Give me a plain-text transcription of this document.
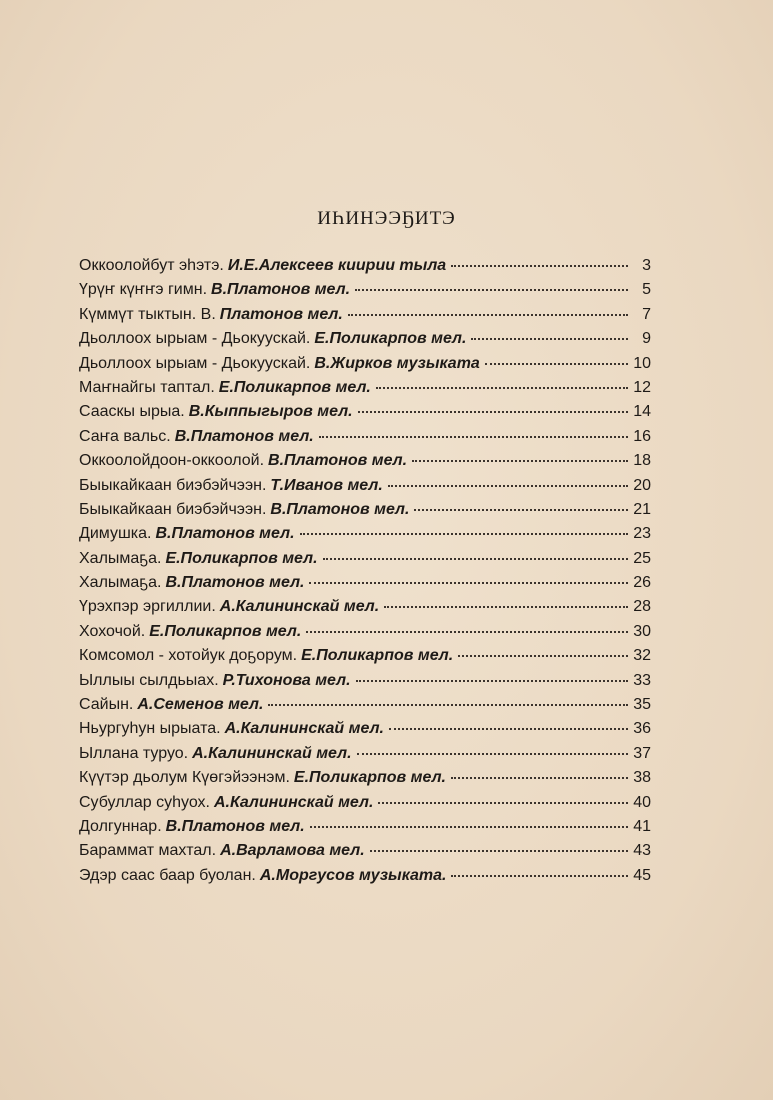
ИҺИНЭЭҔИТЭ
Оккоолойбут эһэтэ. И.Е.Алексеев киирии тыла	3
Үрүҥ күҥҥэ гимн. В.Платонов мел.	5
Күммүт тыктын. В. Платонов мел.	7
Дьоллоох ырыам - Дьокуускай. Е.Поликарпов мел.	9
Дьоллоох ырыам - Дьокуускай. В.Жирков музыката	10
Маҥнайгы таптал. Е.Поликарпов мел.	12
Сааскы ырыа. В.Кыппыгыров мел.	14
Саҥа вальс. В.Платонов мел.	16
Оккоолойдоон-оккоолой. В.Платонов мел.	18
Быыкайкаан биэбэйчээн. Т.Иванов мел.	20
Быыкайкаан биэбэйчээн. В.Платонов мел.	21
Димушка. В.Платонов мел.	23
Халымаҕа. Е.Поликарпов мел.	25
Халымаҕа. В.Платонов мел.	26
Үрэхпэр эргиллии. А.Калининскай мел.	28
Хохочой. Е.Поликарпов мел.	30
Комсомол - хотойук доҕорум. Е.Поликарпов мел.	32
Ыллыы сылдьыах. Р.Тихонова мел.	33
Сайын. А.Семенов мел.	35
Ньургуһун ырыата. А.Калининскай мел.	36
Ыллана туруо. А.Калининскай мел.	37
Күүтэр дьолум Күөгэйээнэм. Е.Поликарпов мел.	38
Субуллар суһуох. А.Калининскай мел.	40
Долгуннар. В.Платонов мел.	41
Бараммат махтал. А.Варламова мел.	43
Эдэр саас баар буолан. А.Моргусов музыката.	45
